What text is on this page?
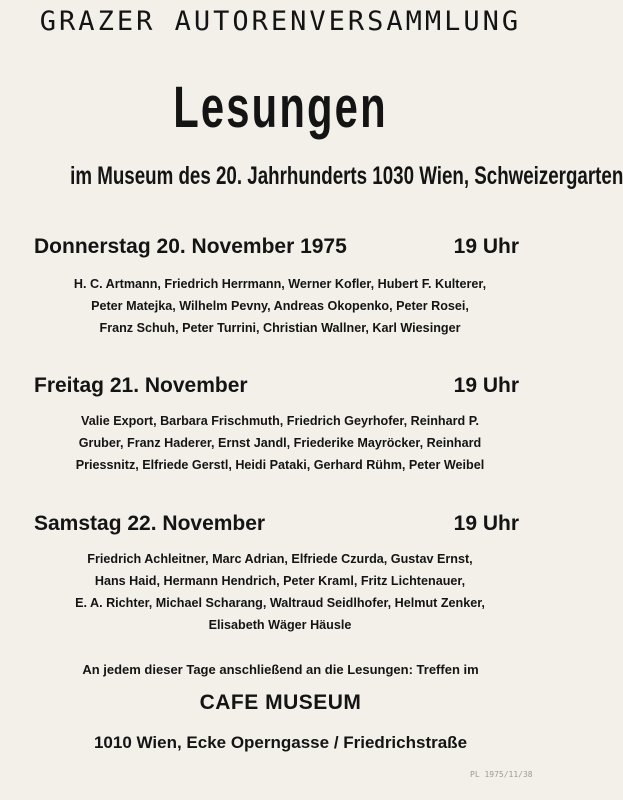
GRAZER AUTORENVERSAMMLUNG
Lesungen
im Museum des 20. Jahrhunderts 1030 Wien, Schweizergarten
Donnerstag 20. November 1975	19 Uhr
H. C. Artmann, Friedrich Herrmann, Werner Kofler, Hubert F. Kulterer,
Peter Matejka, Wilhelm Pevny, Andreas Okopenko, Peter Rosei,
Franz Schuh, Peter Turrini, Christian Wallner, Karl Wiesinger
Freitag 21. November	19 Uhr
Valie Export, Barbara Frischmuth, Friedrich Geyrhofer, Reinhard P.
Gruber, Franz Haderer, Ernst Jandl, Friederike Mayröcker, Reinhard
Priessnitz, Elfriede Gerstl, Heidi Pataki, Gerhard Rühm, Peter Weibel
Samstag 22. November	19 Uhr
Friedrich Achleitner, Marc Adrian, Elfriede Czurda, Gustav Ernst,
Hans Haid, Hermann Hendrich, Peter Kraml, Fritz Lichtenauer,
E. A. Richter, Michael Scharang, Waltraud Seidlhofer, Helmut Zenker,
Elisabeth Wäger Häusle
An jedem dieser Tage anschließend an die Lesungen: Treffen im
CAFE MUSEUM
1010 Wien, Ecke Operngasse / Friedrichstraße
PL 1975/11/38
